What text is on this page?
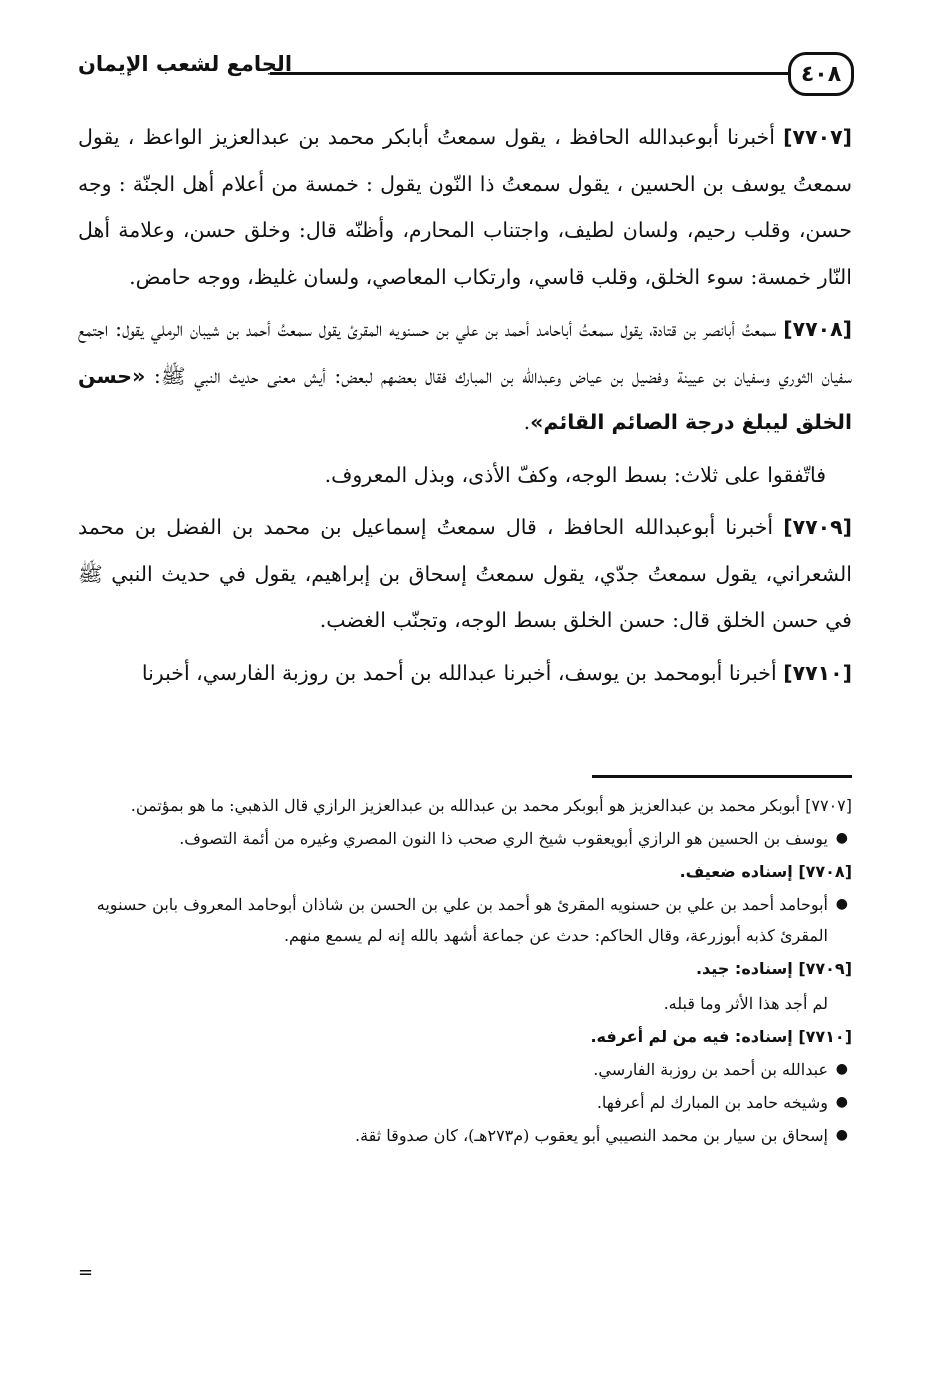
٤٠٨
الجامع لشعب الإيمان

[٧٧٠٧] أخبرنا أبوعبدالله الحافظ ، يقول سمعتُ أبابكر محمد بن عبدالعزيز الواعظ ، يقول سمعتُ يوسف بن الحسين ، يقول سمعتُ ذا النّون يقول : خمسة من أعلام أهل الجنّة : وجه حسن، وقلب رحيم، ولسان لطيف، واجتناب المحارم، وأظنّه قال: وخلق حسن، وعلامة أهل النّار خمسة: سوء الخلق، وقلب قاسي، وارتكاب المعاصي، ولسان غليظ، ووجه حامض.

[٧٧٠٨] سمعتُ أبانصر بن قتادة، يقول سمعتُ أباحامد أحمد بن علي بن حسنويه المقرئ يقول سمعتُ أحمد بن شيبان الرملي يقول: اجتمع سفيان الثوري وسفيان بن عيينة وفضيل بن عياض وعبدالله بن المبارك فقال بعضهم لبعض: أيش معنى حديث النبي ﷺ: «حسن الخلق ليبلغ درجة الصائم القائم».

فاتّفقوا على ثلاث: بسط الوجه، وكفّ الأذى، وبذل المعروف.

[٧٧٠٩] أخبرنا أبوعبدالله الحافظ ، قال سمعتُ إسماعيل بن محمد بن الفضل بن محمد الشعراني، يقول سمعتُ جدّي، يقول سمعتُ إسحاق بن إبراهيم، يقول في حديث النبي ﷺ في حسن الخلق قال: حسن الخلق بسط الوجه، وتجنّب الغضب.

[٧٧١٠] أخبرنا أبومحمد بن يوسف، أخبرنا عبدالله بن أحمد بن روزبة الفارسي، أخبرنا

[٧٧٠٧] أبوبكر محمد بن عبدالعزيز هو أبوبكر محمد بن عبدالله بن عبدالعزيز الرازي قال الذهبي: ما هو بمؤتمن.

●
يوسف بن الحسين هو الرازي أبويعقوب شيخ الري صحب ذا النون المصري وغيره من أئمة التصوف.

[٧٧٠٨] إسناده ضعيف.

●
أبوحامد أحمد بن علي بن حسنويه المقرئ هو أحمد بن علي بن الحسن بن شاذان أبوحامد المعروف بابن حسنويه المقرئ كذبه أبوزرعة، وقال الحاكم: حدث عن جماعة أشهد بالله إنه لم يسمع منهم.

[٧٧٠٩] إسناده: جيد.

لم أجد هذا الأثر وما قبله.

[٧٧١٠] إسناده: فيه من لم أعرفه.

●
عبدالله بن أحمد بن روزبة الفارسي.

●
وشيخه حامد بن المبارك لم أعرفها.

●
إسحاق بن سيار بن محمد النصيبي أبو يعقوب (م٢٧٣هـ)، كان صدوقا ثقة.

=
